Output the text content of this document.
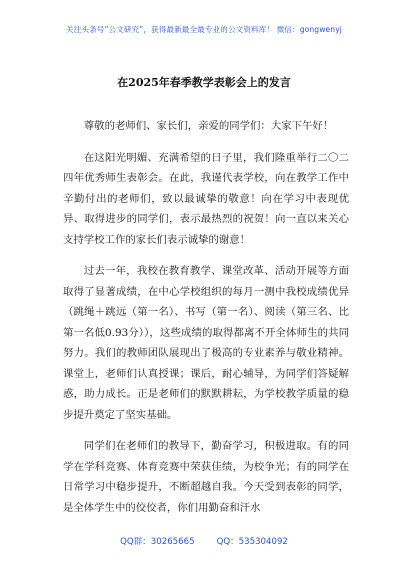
关注头条号“公文研究”，获得最新最全最专业的公文资料库！ 微信：gongwenyj
在2025年春季教学表彰会上的发言

尊敬的老师们、家长们，亲爱的同学们：大家下午好！

在这阳光明媚、充满希望的日子里，我们隆重举行二〇二四年优秀师生表彰会。在此，我谨代表学校，向在教学工作中辛勤付出的老师们，致以最诚挚的敬意！向在学习中表现优异、取得进步的同学们，表示最热烈的祝贺！向一直以来关心支持学校工作的家长们表示诚挚的谢意！

过去一年，我校在教育教学、课堂改革、活动开展等方面取得了显著成绩，在中心学校组织的每月一测中我校成绩优异（跳绳＋跳远（第一名）、书写（第一名）、阅读（第三名、比第一名低0.93分）），这些成绩的取得都离不开全体师生的共同努力。我们的教师团队展现出了极高的专业素养与敬业精神。课堂上，老师们认真授课；课后，耐心辅导，为同学们答疑解惑，助力成长。正是老师们的默默耕耘，为学校教学质量的稳步提升奠定了坚实基础。

同学们在老师们的教导下，勤奋学习，积极进取。有的同学在学科竞赛、体育竞赛中荣获佳绩，为校争光；有的同学在日常学习中稳步提升，不断超越自我。今天受到表彰的同学，是全体学生中的佼佼者，你们用勤奋和汗水

QQ群：30265665	QQ：535304092
